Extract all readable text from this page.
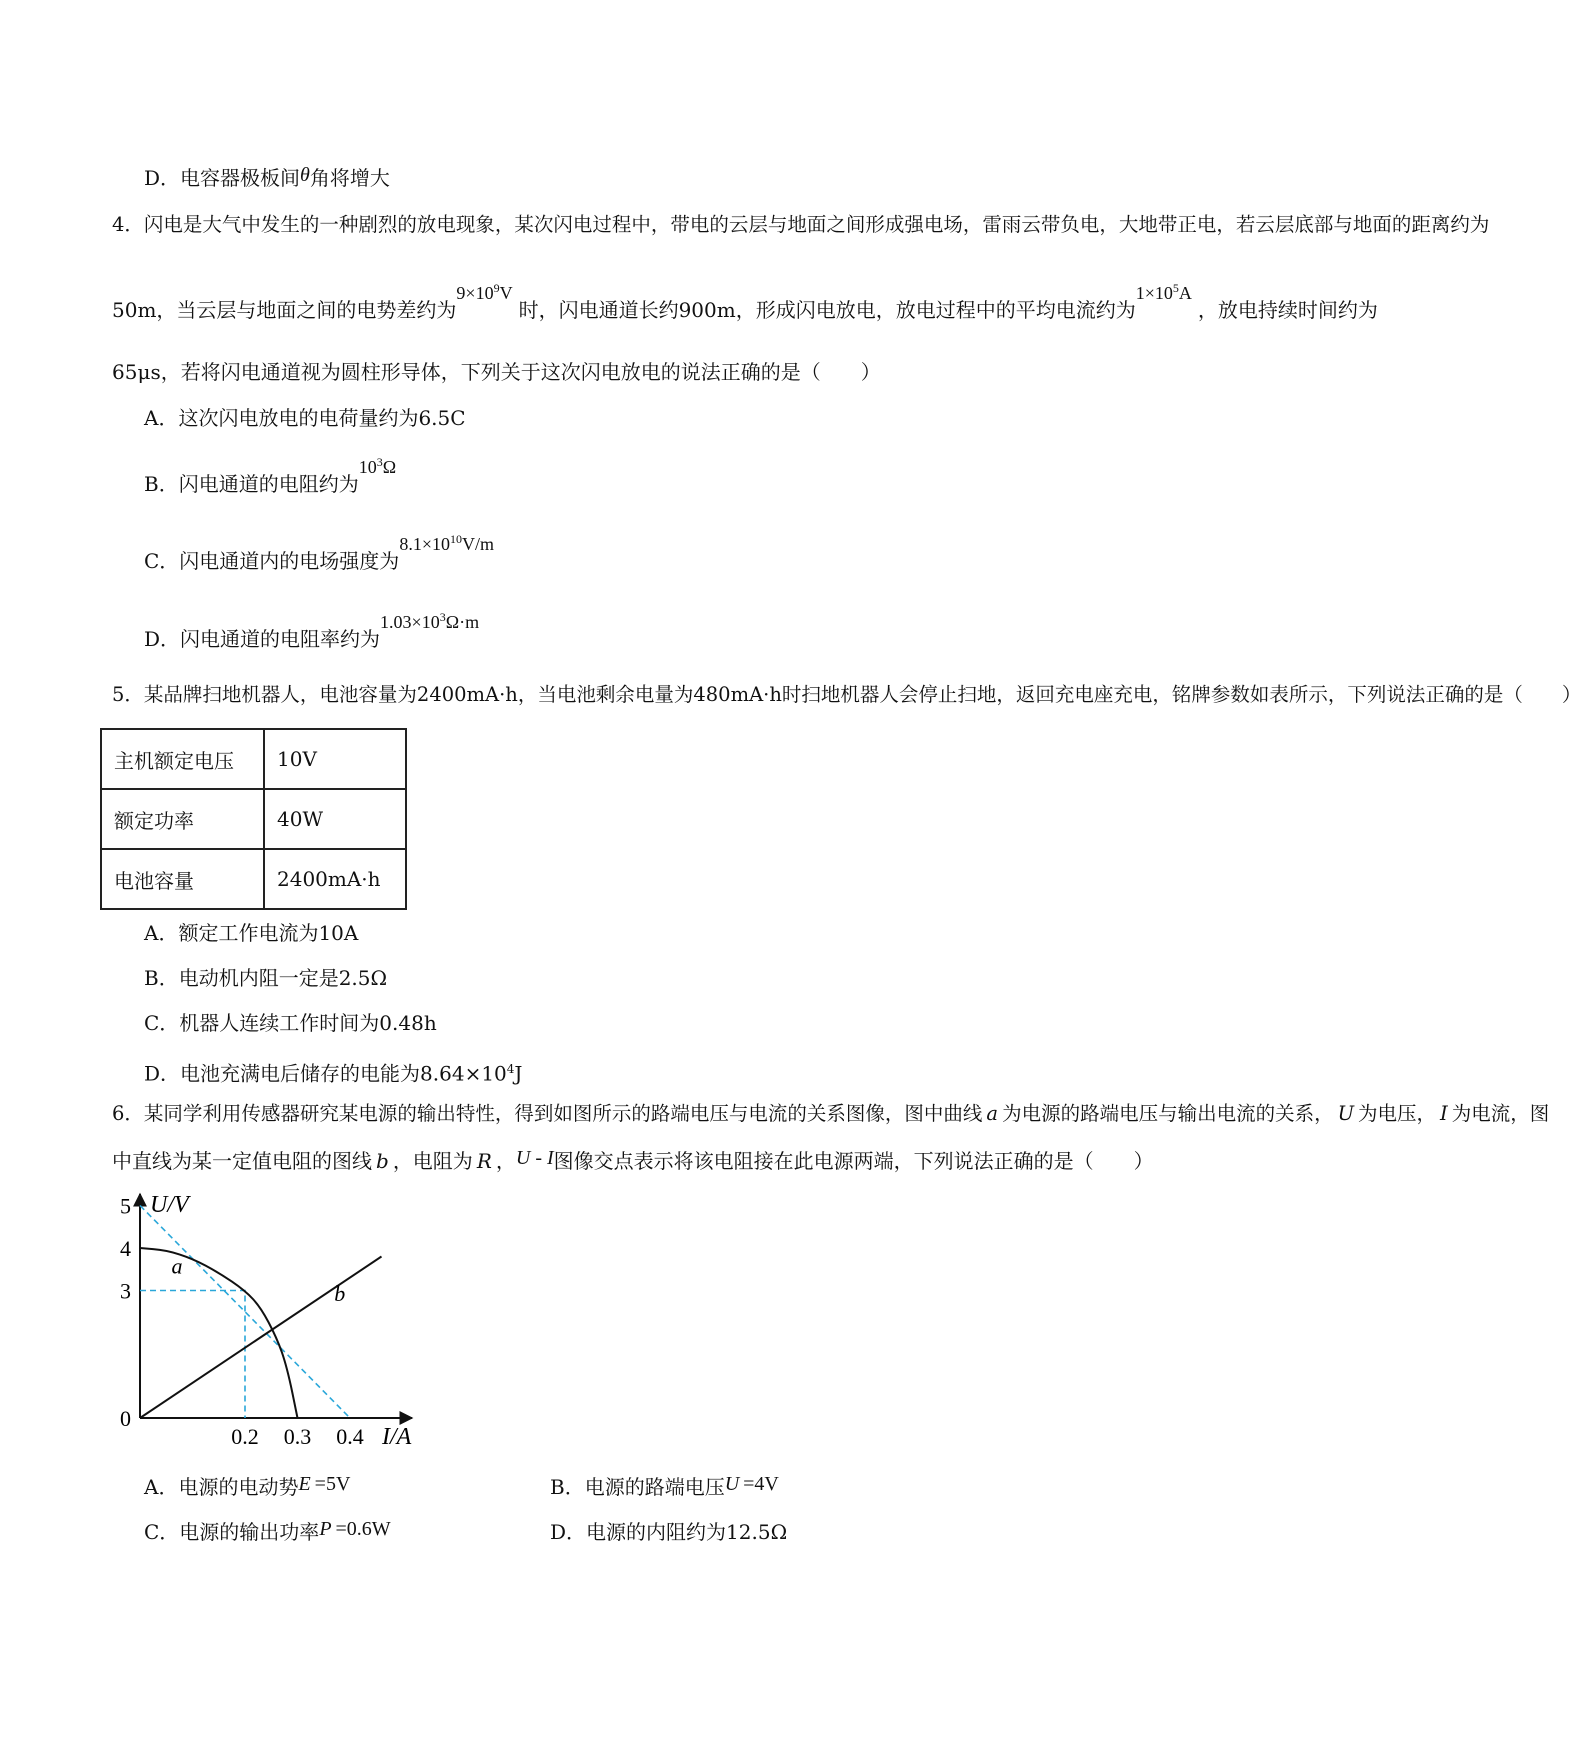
D．电容器极板间θ角将增大
4．闪电是大气中发生的一种剧烈的放电现象，某次闪电过程中，带电的云层与地面之间形成强电场，雷雨云带负电，大地带正电，若云层底部与地面的距离约为
50m，当云层与地面之间的电势差约为$9\times 10^9V$时，闪电通道长约900m，形成闪电放电，放电过程中的平均电流约为$1\times 10^5A$，放电持续时间约为
65μs，若将闪电通道视为圆柱形导体，下列关于这次闪电放电的说法正确的是（　　）
A．这次闪电放电的电荷量约为6.5C
B．闪电通道的电阻约为$10^3\Omega$
C．闪电通道内的电场强度为$8.1\times 10^{10}V/m$
D．闪电通道的电阻率约为$1.03\times 10^3\Omega\cdot m$
5．某品牌扫地机器人，电池容量为2400mA·h，当电池剩余电量为480mA·h时扫地机器人会停止扫地，返回充电座充电，铭牌参数如表所示，下列说法正确的是（　　）
主机额定电压	10V
额定功率	40W
电池容量	2400mA·h
A．额定工作电流为10A
B．电动机内阻一定是2.5Ω
C．机器人连续工作时间为0.48h
D．电池充满电后储存的电能为$8.64\times 10^4J$
6．某同学利用传感器研究某电源的输出特性，得到如图所示的路端电压与电流的关系图像，图中曲线 a 为电源的路端电压与输出电流的关系， U 为电压， I 为电流，图
中直线为某一定值电阻的图线 b ，电阻为 R ，U - I图像交点表示将该电阻接在此电源两端，下列说法正确的是（　　）
U/V
I/A
0
3
4
5
0.2 0.3 0.4
a
b
A．电源的电动势E =5V	B．电源的路端电压U =4V
C．电源的输出功率P =0.6W	D．电源的内阻约为12.5Ω
